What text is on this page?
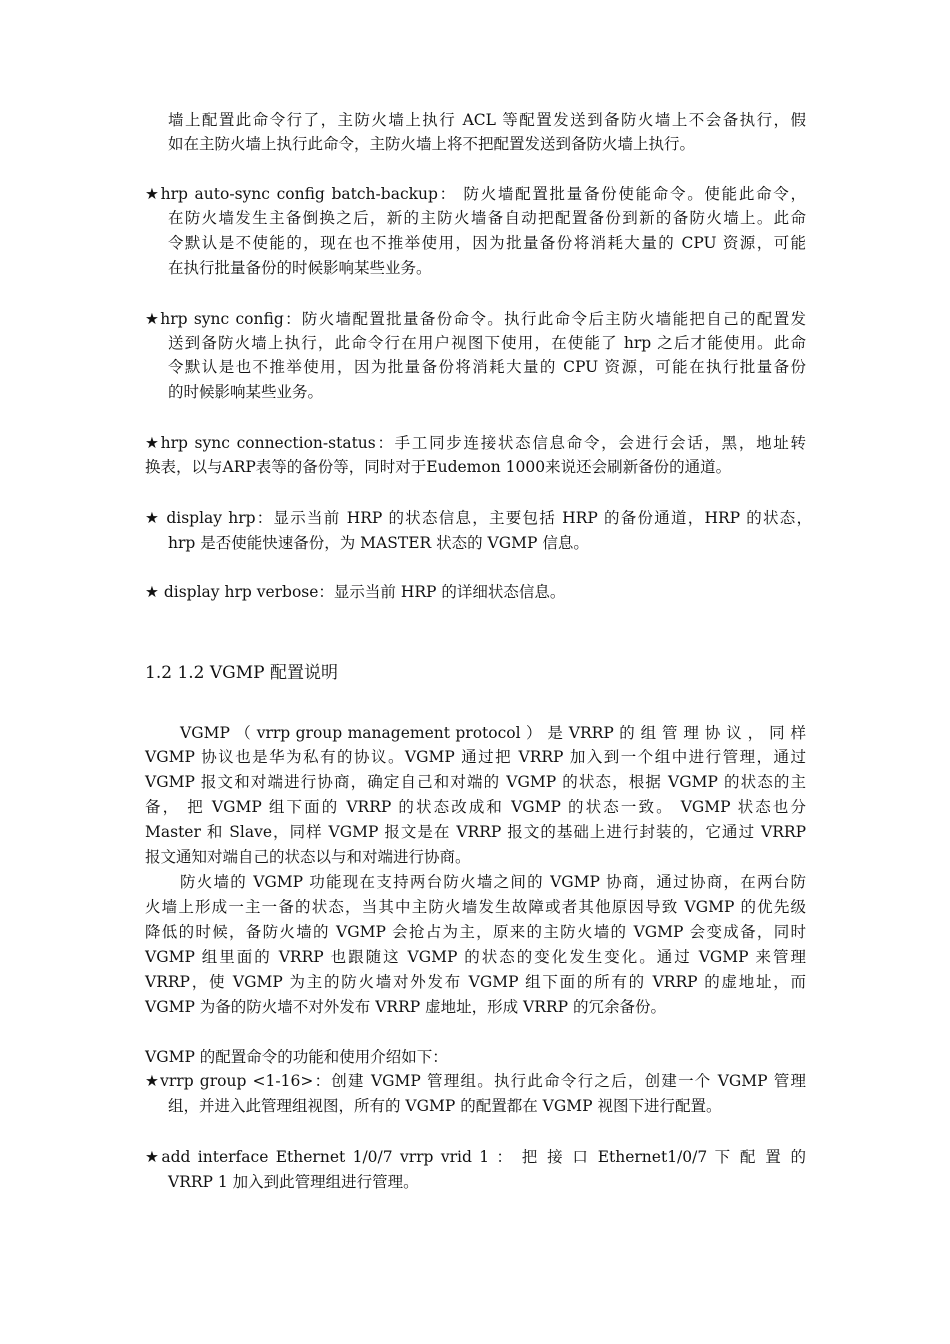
墙上配置此命令行了，主防火墙上执行 ACL 等配置发送到备防火墙上不会备执行，假
如在主防火墙上执行此命令，主防火墙上将不把配置发送到备防火墙上执行。
★hrp auto-sync config batch-backup： 防火墙配置批量备份使能命令。使能此命令，
在防火墙发生主备倒换之后，新的主防火墙备自动把配置备份到新的备防火墙上。此命
令默认是不使能的，现在也不推举使用，因为批量备份将消耗大量的 CPU 资源，可能
在执行批量备份的时候影响某些业务。
★hrp sync config：防火墙配置批量备份命令。执行此命令后主防火墙能把自己的配置发
送到备防火墙上执行，此命令行在用户视图下使用，在使能了 hrp 之后才能使用。此命
令默认是也不推举使用，因为批量备份将消耗大量的 CPU 资源，可能在执行批量备份
的时候影响某些业务。
★hrp sync connection-status：手工同步连接状态信息命令，会进行会话，黑，地址转
换表，以与ARP表等的备份等，同时对于Eudemon 1000来说还会刷新备份的通道。
★ display hrp：显示当前 HRP 的状态信息，主要包括 HRP 的备份通道，HRP 的状态，
hrp 是否使能快速备份，为 MASTER 状态的 VGMP 信息。
★ display hrp verbose：显示当前 HRP 的详细状态信息。
1.2 1.2 VGMP 配置说明
VGMP （ vrrp group management protocol ） 是 VRRP 的 组 管 理 协 议 ， 同 样
VGMP 协议也是华为私有的协议。VGMP 通过把 VRRP 加入到一个组中进行管理，通过
VGMP 报文和对端进行协商，确定自己和对端的 VGMP 的状态，根据 VGMP 的状态的主
备， 把 VGMP 组下面的 VRRP 的状态改成和 VGMP 的状态一致。 VGMP 状态也分
Master 和 Slave，同样 VGMP 报文是在 VRRP 报文的基础上进行封装的，它通过 VRRP
报文通知对端自己的状态以与和对端进行协商。
防火墙的 VGMP 功能现在支持两台防火墙之间的 VGMP 协商，通过协商，在两台防
火墙上形成一主一备的状态，当其中主防火墙发生故障或者其他原因导致 VGMP 的优先级
降低的时候，备防火墙的 VGMP 会抢占为主，原来的主防火墙的 VGMP 会变成备，同时
VGMP 组里面的 VRRP 也跟随这 VGMP 的状态的变化发生变化。通过 VGMP 来管理
VRRP，使 VGMP 为主的防火墙对外发布 VGMP 组下面的所有的 VRRP 的虚地址，而
VGMP 为备的防火墙不对外发布 VRRP 虚地址，形成 VRRP 的冗余备份。
VGMP 的配置命令的功能和使用介绍如下：
★vrrp group <1-16>：创建 VGMP 管理组。执行此命令行之后，创建一个 VGMP 管理
组，并进入此管理组视图，所有的 VGMP 的配置都在 VGMP 视图下进行配置。
★add interface Ethernet 1/0/7 vrrp vrid 1 ： 把 接 口 Ethernet1/0/7 下 配 置 的
VRRP 1 加入到此管理组进行管理。
